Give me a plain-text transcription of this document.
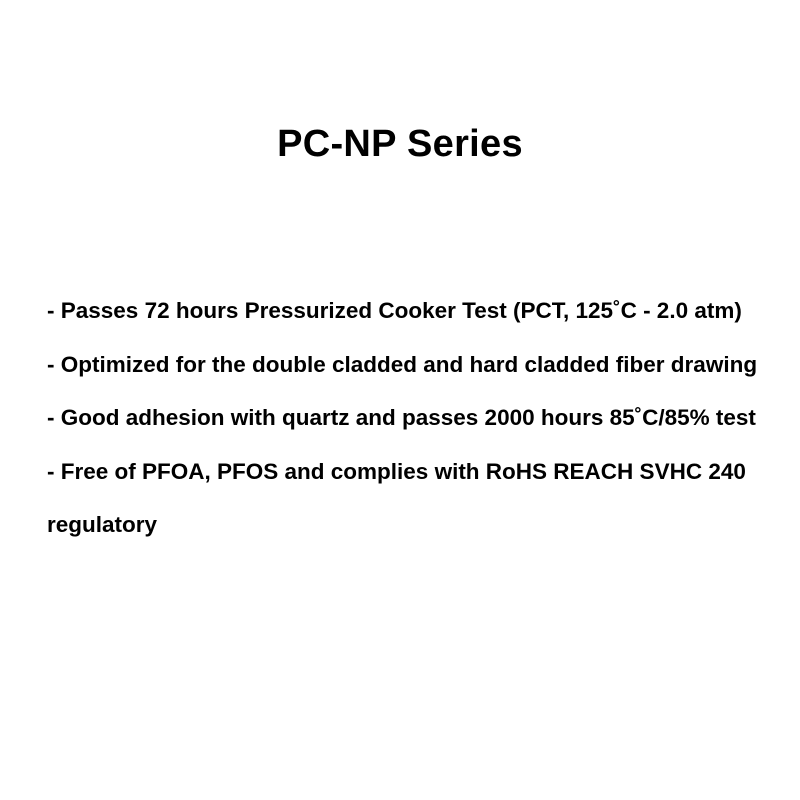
PC-NP Series
- Passes 72 hours Pressurized Cooker Test (PCT, 125˚C - 2.0 atm)
- Optimized for the double cladded and hard cladded fiber drawing
- Good adhesion with quartz and passes 2000 hours 85˚C/85% test
- Free of PFOA, PFOS and complies with RoHS REACH SVHC 240 regulatory
